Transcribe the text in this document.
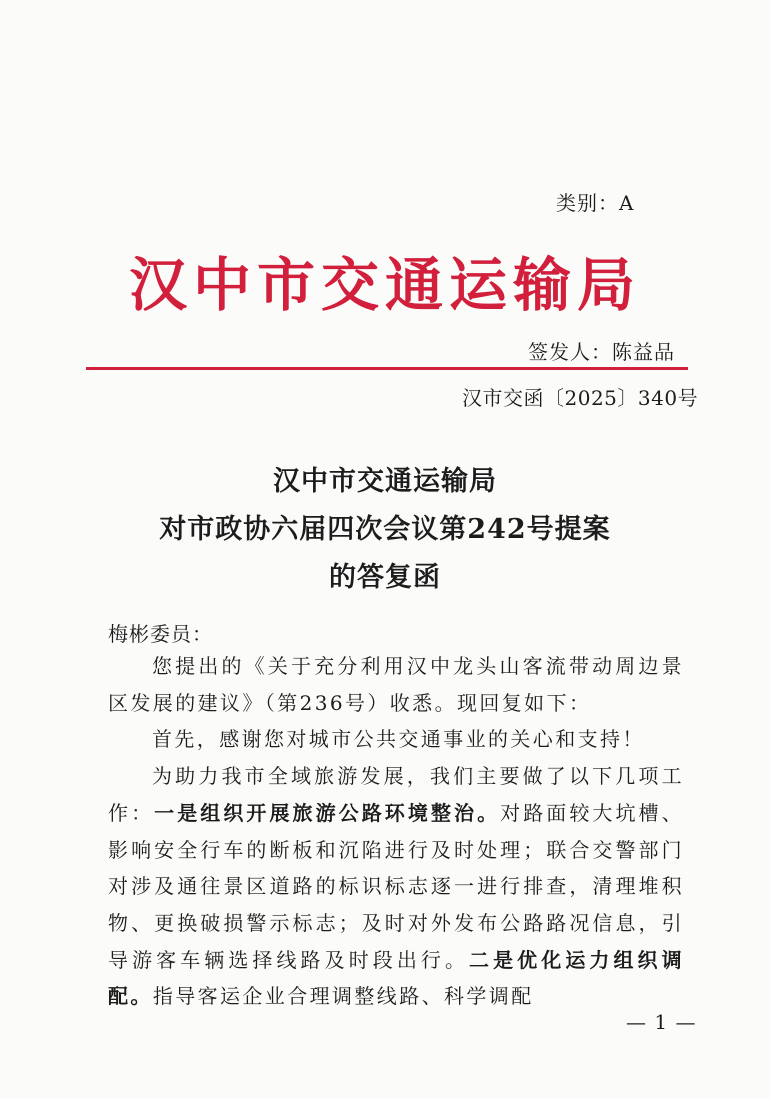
类别：A
汉中市交通运输局
签发人：陈益品
汉市交函〔2025〕340号
汉中市交通运输局
对市政协六届四次会议第242号提案
的答复函
梅彬委员：

您提出的《关于充分利用汉中龙头山客流带动周边景区发展的建议》（第236号）收悉。现回复如下：

首先，感谢您对城市公共交通事业的关心和支持！

为助力我市全域旅游发展，我们主要做了以下几项工作：一是组织开展旅游公路环境整治。对路面较大坑槽、影响安全行车的断板和沉陷进行及时处理；联合交警部门对涉及通往景区道路的标识标志逐一进行排查，清理堆积物、更换破损警示标志；及时对外发布公路路况信息，引导游客车辆选择线路及时段出行。二是优化运力组织调配。指导客运企业合理调整线路、科学调配

— 1 —
